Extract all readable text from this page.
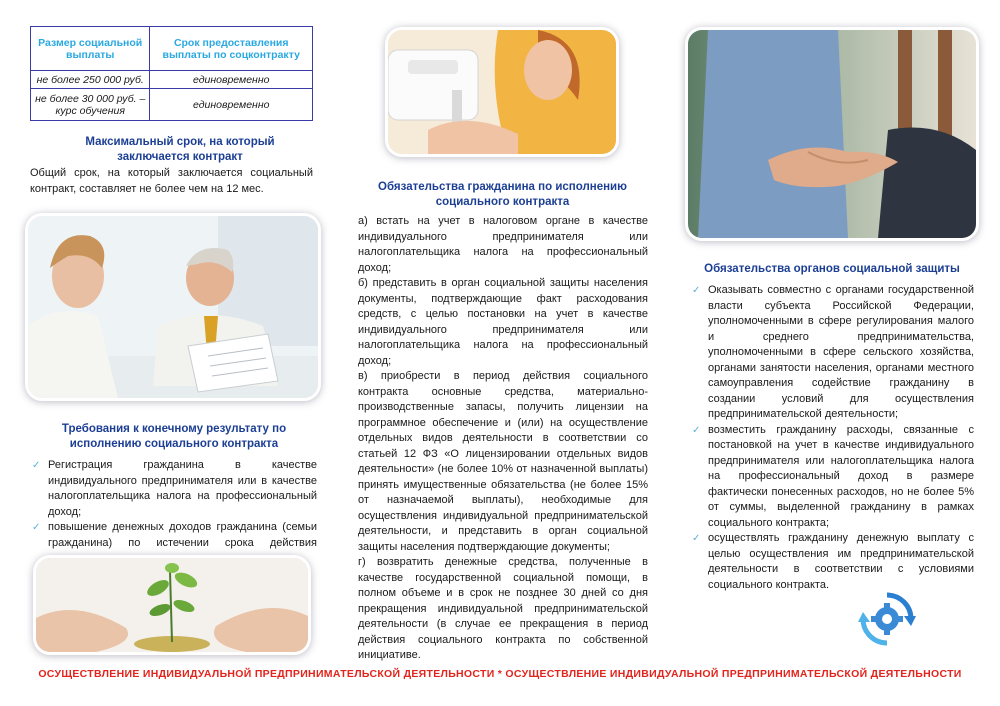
Размер социальной выплаты	Срок предоставления выплаты по соцконтракту
не более 250 000 руб.	единовременно
не более 30 000 руб. – курс обучения	единовременно
Максимальный срок, на который заключается контракт
Общий срок, на который заключается социальный контракт, составляет не более чем на 12 мес.
Требования к конечному результату по исполнению социального контракта
✓ Регистрация гражданина в качестве индивидуального предпринимателя или в качестве налогоплательщика налога на профессиональный доход;
✓ повышение денежных доходов гражданина (семьи гражданина) по истечении срока действия
Обязательства гражданина по исполнению социального контракта

а) встать на учет в налоговом органе в качестве индивидуального предпринимателя или налогоплательщика налога на профессиональный доход;

б) представить в орган социальной защиты населения документы, подтверждающие факт расходования средств, с целью постановки на учет в качестве индивидуального предпринимателя или налогоплательщика налога на профессиональный доход;

в) приобрести в период действия социального контракта основные средства, материально-производственные запасы, получить лицензии на программное обеспечение и (или) на осуществление отдельных видов деятельности в соответствии со статьей 12 ФЗ «О лицензировании отдельных видов деятельности» (не более 10% от назначенной выплаты) принять имущественные обязательства (не более 15% от назначаемой выплаты), необходимые для осуществления индивидуальной предпринимательской деятельности, и представить в орган социальной защиты населения подтверждающие документы;

г) возвратить денежные средства, полученные в качестве государственной социальной помощи, в полном объеме и в срок не позднее 30 дней со дня прекращения индивидуальной предпринимательской деятельности (в случае ее прекращения в период действия социального контракта по собственной инициативе.

Обязательства органов социальной защиты
✓ Оказывать совместно с органами государственной власти субъекта Российской Федерации, уполномоченными в сфере регулирования малого и среднего предпринимательства, уполномоченными в сфере сельского хозяйства, органами занятости населения, органами местного самоуправления содействие гражданину в создании условий для осуществления предпринимательской деятельности;
✓ возместить гражданину расходы, связанные с постановкой на учет в качестве индивидуального предпринимателя или налогоплательщика налога на профессиональный доход в размере фактически понесенных расходов, но не более 5% от суммы, выделенной гражданину в рамках социального контракта;
✓ осуществлять гражданину денежную выплату с целью осуществления им предпринимательской деятельности в соответствии с условиями социального контракта.
ОСУЩЕСТВЛЕНИЕ ИНДИВИДУАЛЬНОЙ ПРЕДПРИНИМАТЕЛЬСКОЙ ДЕЯТЕЛЬНОСТИ * ОСУЩЕСТВЛЕНИЕ ИНДИВИДУАЛЬНОЙ ПРЕДПРИНИМАТЕЛЬСКОЙ ДЕЯТЕЛЬНОСТИ
